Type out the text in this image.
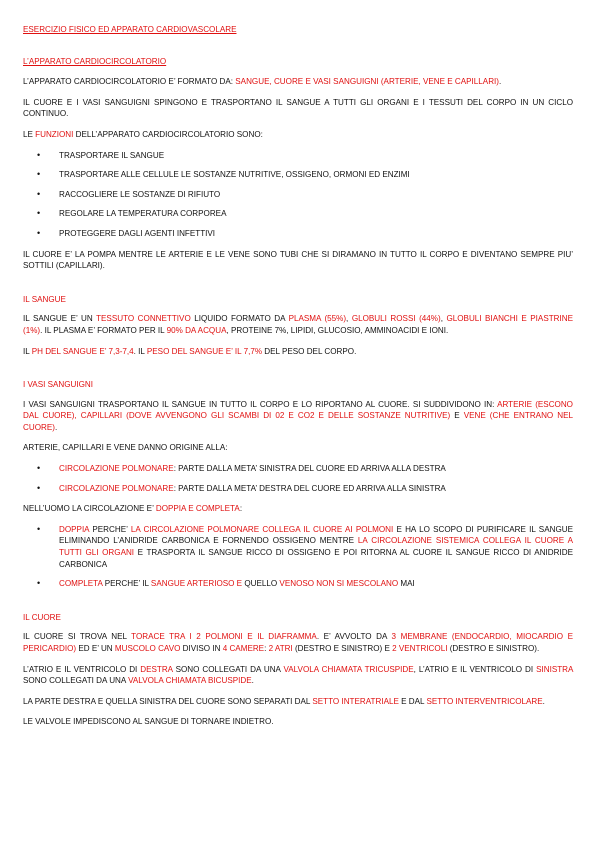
ESERCIZIO FISICO ED APPARATO CARDIOVASCOLARE

L’APPARATO CARDIOCIRCOLATORIO

L’APPARATO CARDIOCIRCOLATORIO E’ FORMATO DA: SANGUE, CUORE E VASI SANGUIGNI (ARTERIE, VENE E CAPILLARI).

IL CUORE E I VASI SANGUIGNI SPINGONO E TRASPORTANO IL SANGUE A TUTTI GLI ORGANI E I TESSUTI DEL CORPO IN UN CICLO CONTINUO.

LE FUNZIONI DELL’APPARATO CARDIOCIRCOLATORIO SONO:

• TRASPORTARE IL SANGUE
• TRASPORTARE ALLE CELLULE LE SOSTANZE NUTRITIVE, OSSIGENO, ORMONI ED ENZIMI
• RACCOGLIERE LE SOSTANZE DI RIFIUTO
• REGOLARE LA TEMPERATURA CORPOREA
• PROTEGGERE DAGLI AGENTI INFETTIVI

IL CUORE E’ LA POMPA MENTRE LE ARTERIE E LE VENE SONO TUBI CHE SI DIRAMANO IN TUTTO IL CORPO E DIVENTANO SEMPRE PIU’ SOTTILI (CAPILLARI).

IL SANGUE

IL SANGUE E’ UN TESSUTO CONNETTIVO LIQUIDO FORMATO DA PLASMA (55%), GLOBULI ROSSI (44%), GLOBULI BIANCHI E PIASTRINE (1%). IL PLASMA E’ FORMATO PER IL 90% DA ACQUA, PROTEINE 7%, LIPIDI, GLUCOSIO, AMMINOACIDI E IONI.

IL PH DEL SANGUE E’ 7,3-7,4. IL PESO DEL SANGUE E’ IL 7,7% DEL PESO DEL CORPO.

I VASI SANGUIGNI

I VASI SANGUIGNI TRASPORTANO IL SANGUE IN TUTTO IL CORPO E LO RIPORTANO AL CUORE. SI SUDDIVIDONO IN: ARTERIE (ESCONO DAL CUORE), CAPILLARI (DOVE AVVENGONO GLI SCAMBI DI 02 E CO2 E DELLE SOSTANZE NUTRITIVE) E VENE (CHE ENTRANO NEL CUORE).

ARTERIE, CAPILLARI E VENE DANNO ORIGINE ALLA:

• CIRCOLAZIONE POLMONARE: PARTE DALLA META’ SINISTRA DEL CUORE ED ARRIVA ALLA DESTRA
• CIRCOLAZIONE POLMONARE: PARTE DALLA META’ DESTRA DEL CUORE ED ARRIVA ALLA SINISTRA

NELL’UOMO LA CIRCOLAZIONE E’ DOPPIA E COMPLETA:

• DOPPIA PERCHE’ LA CIRCOLAZIONE POLMONARE COLLEGA IL CUORE AI POLMONI E HA LO SCOPO DI PURIFICARE IL SANGUE ELIMINANDO L’ANIDRIDE CARBONICA E FORNENDO OSSIGENO MENTRE LA CIRCOLAZIONE SISTEMICA COLLEGA IL CUORE A TUTTI GLI ORGANI E TRASPORTA IL SANGUE RICCO DI OSSIGENO E POI RITORNA AL CUORE IL SANGUE RICCO DI ANIDRIDE CARBONICA
• COMPLETA PERCHE’ IL SANGUE ARTERIOSO E QUELLO VENOSO NON SI MESCOLANO MAI

IL CUORE

IL CUORE SI TROVA NEL TORACE TRA I 2 POLMONI E IL DIAFRAMMA. E’ AVVOLTO DA 3 MEMBRANE (ENDOCARDIO, MIOCARDIO E PERICARDIO) ED E’ UN MUSCOLO CAVO DIVISO IN 4 CAMERE: 2 ATRI (DESTRO E SINISTRO) E 2 VENTRICOLI (DESTRO E SINISTRO).

L’ATRIO E IL VENTRICOLO DI DESTRA SONO COLLEGATI DA UNA VALVOLA CHIAMATA TRICUSPIDE, L’ATRIO E IL VENTRICOLO DI SINISTRA SONO COLLEGATI DA UNA VALVOLA CHIAMATA BICUSPIDE.

LA PARTE DESTRA E QUELLA SINISTRA DEL CUORE SONO SEPARATI DAL SETTO INTERATRIALE E DAL SETTO INTERVENTRICOLARE.

LE VALVOLE IMPEDISCONO AL SANGUE DI TORNARE INDIETRO.
